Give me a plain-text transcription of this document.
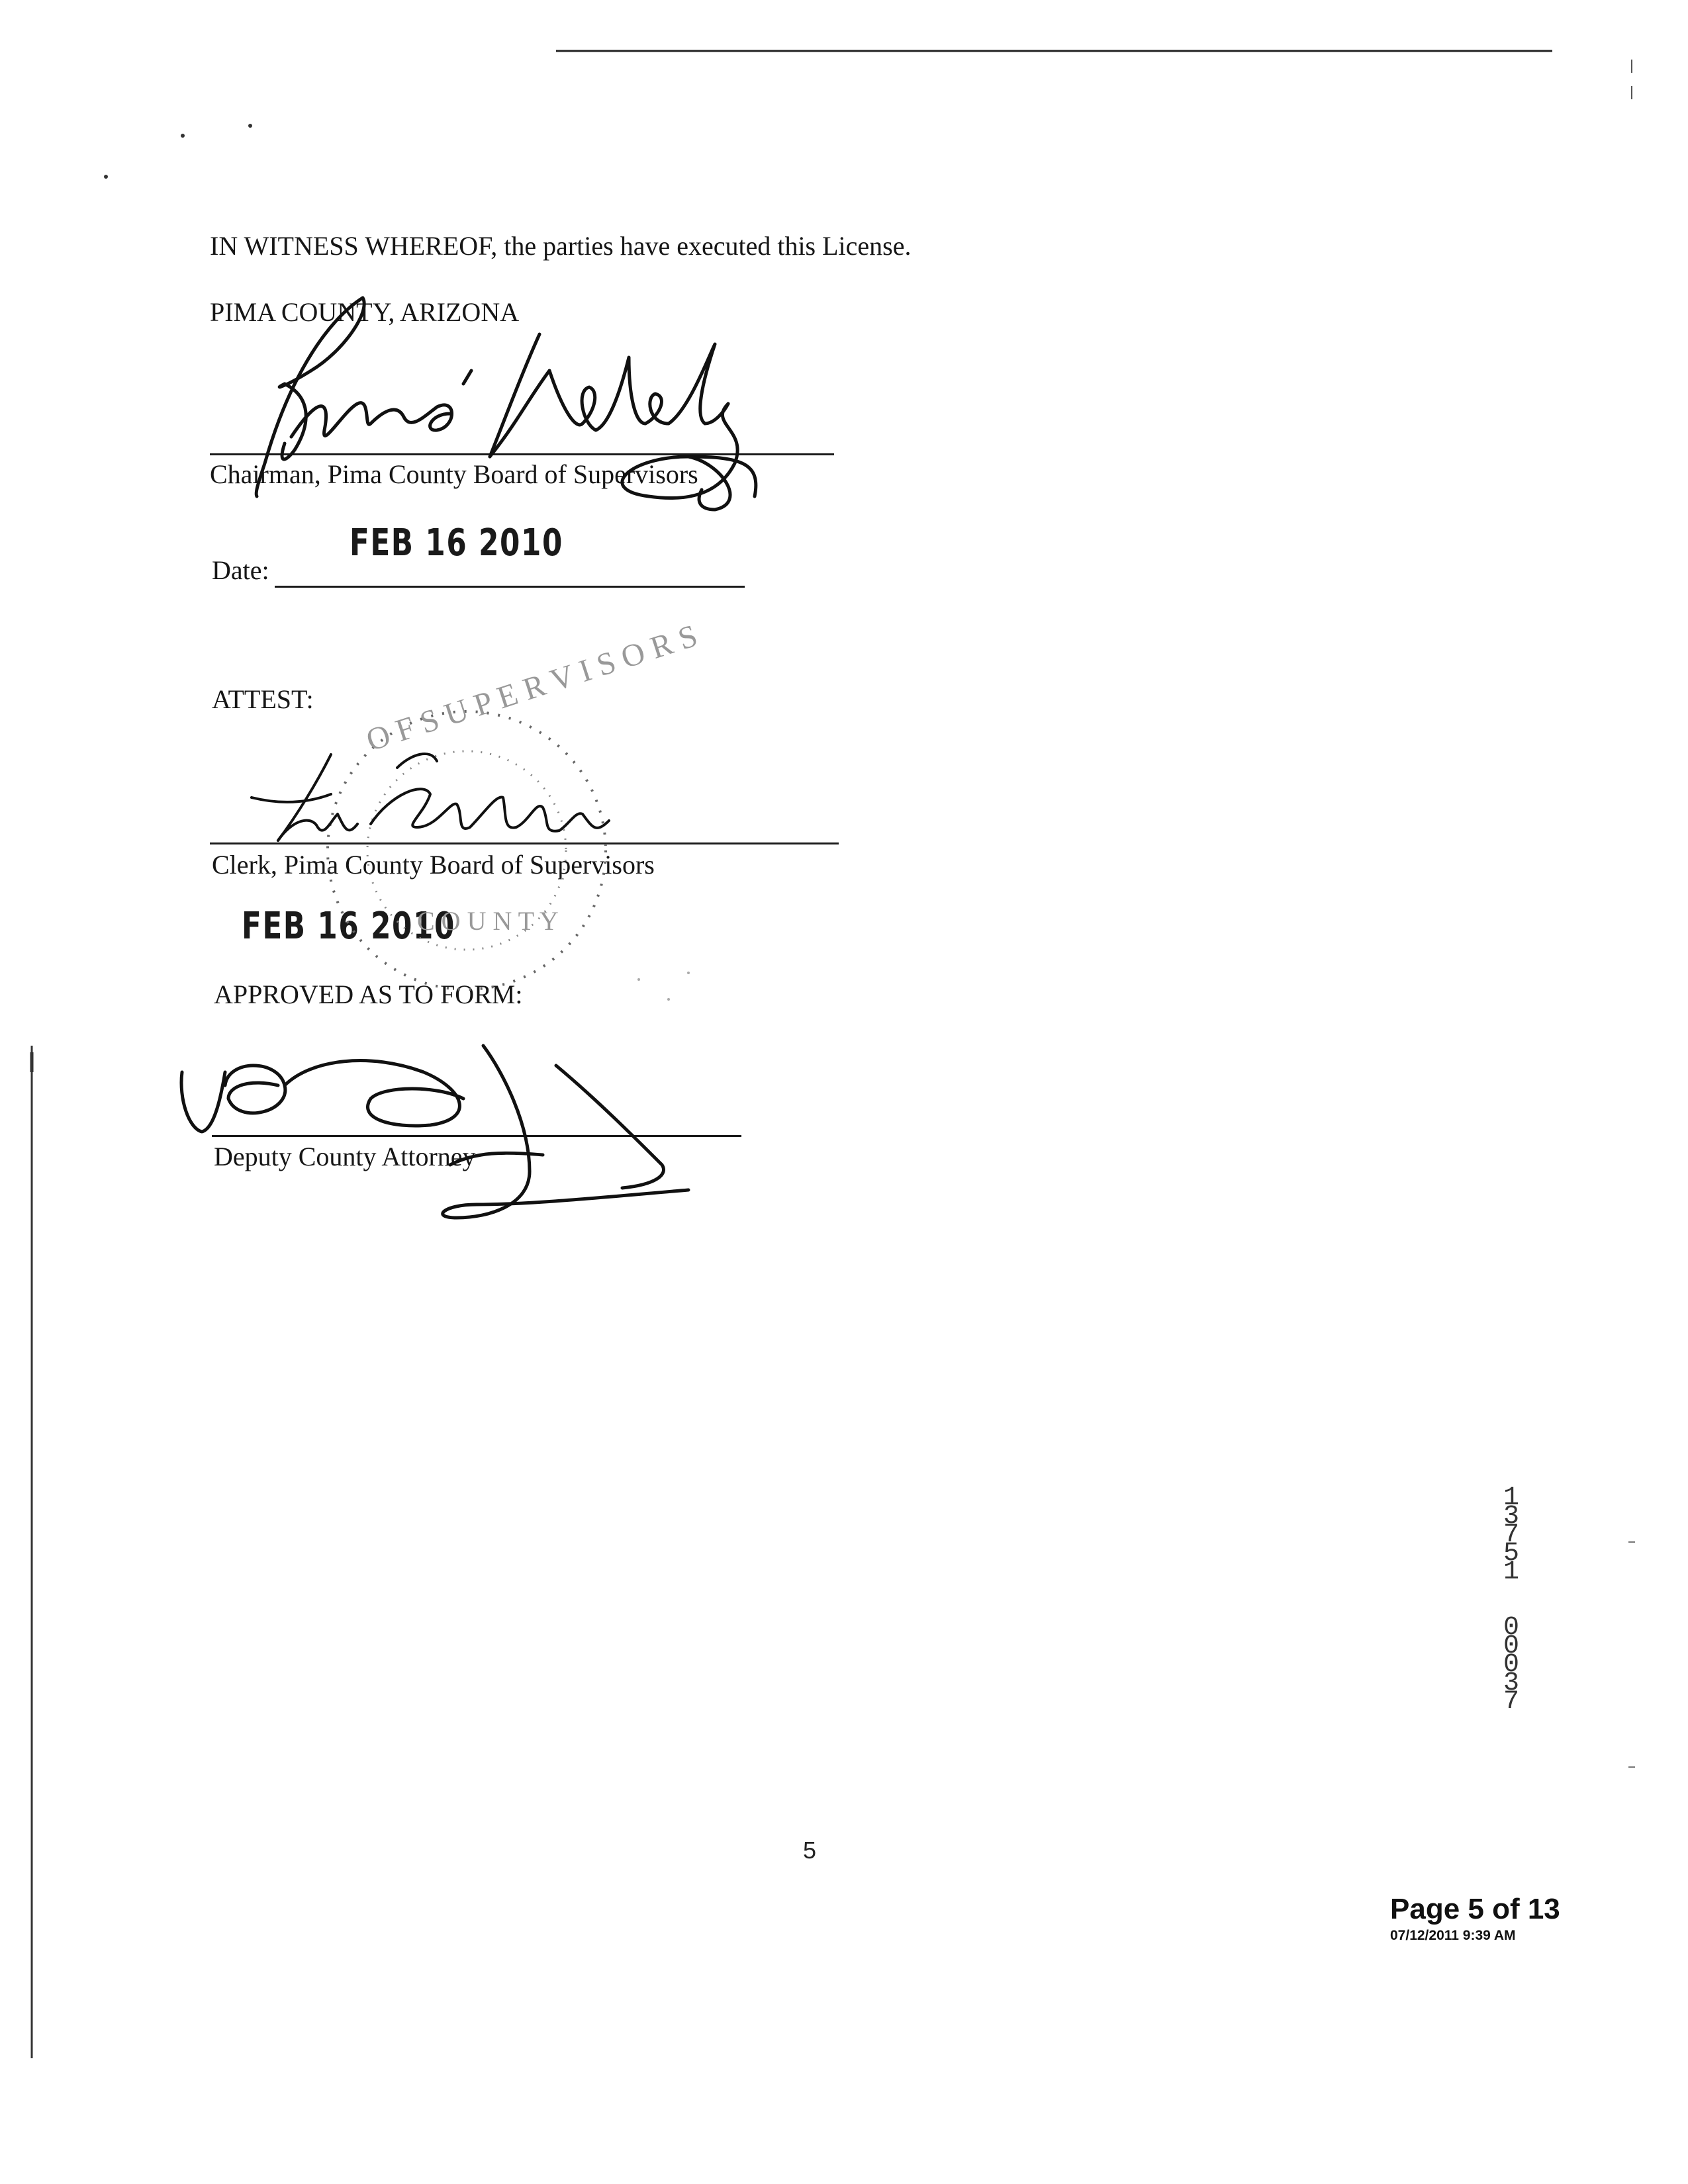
IN WITNESS WHEREOF, the parties have executed this License.
PIMA COUNTY, ARIZONA
Chairman, Pima County Board of Supervisors
FEB 16 2010
Date:
ATTEST:
Clerk, Pima County Board of Supervisors
FEB 16 2010
APPROVED AS TO FORM:
Deputy County Attorney
O F S U P E R V I S O R S
C O U N T Y
1
3
7
5
1

0
0
0
3
7
5
Page 5 of 13
07/12/2011 9:39 AM
